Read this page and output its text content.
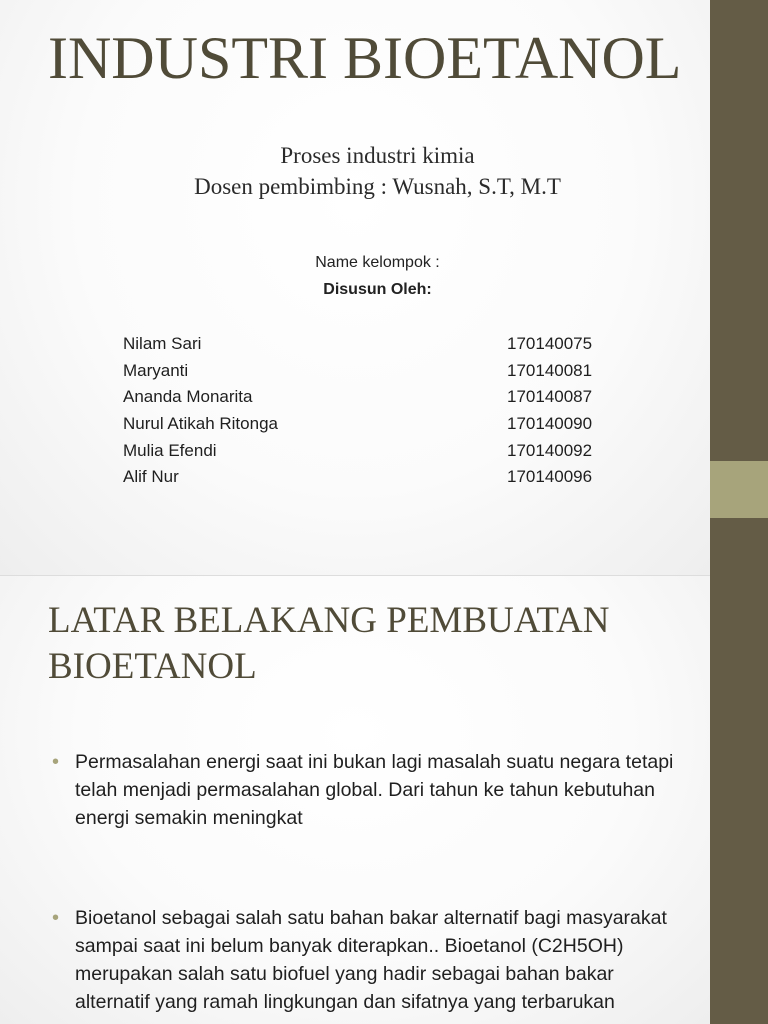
INDUSTRI BIOETANOL
Proses industri kimia
Dosen pembimbing : Wusnah, S.T, M.T
Name kelompok :
Disusun Oleh:
Nilam Sari	170140075
Maryanti	170140081
Ananda Monarita	170140087
Nurul Atikah Ritonga	170140090
Mulia Efendi	170140092
Alif Nur	170140096
LATAR BELAKANG PEMBUATAN BIOETANOL
• Permasalahan energi saat ini bukan lagi masalah suatu negara tetapi telah menjadi permasalahan global. Dari tahun ke tahun kebutuhan energi semakin meningkat
• Bioetanol sebagai salah satu bahan bakar alternatif bagi masyarakat sampai saat ini belum banyak diterapkan.. Bioetanol (C2H5OH) merupakan salah satu biofuel yang hadir sebagai bahan bakar alternatif yang ramah lingkungan dan sifatnya yang terbarukan
